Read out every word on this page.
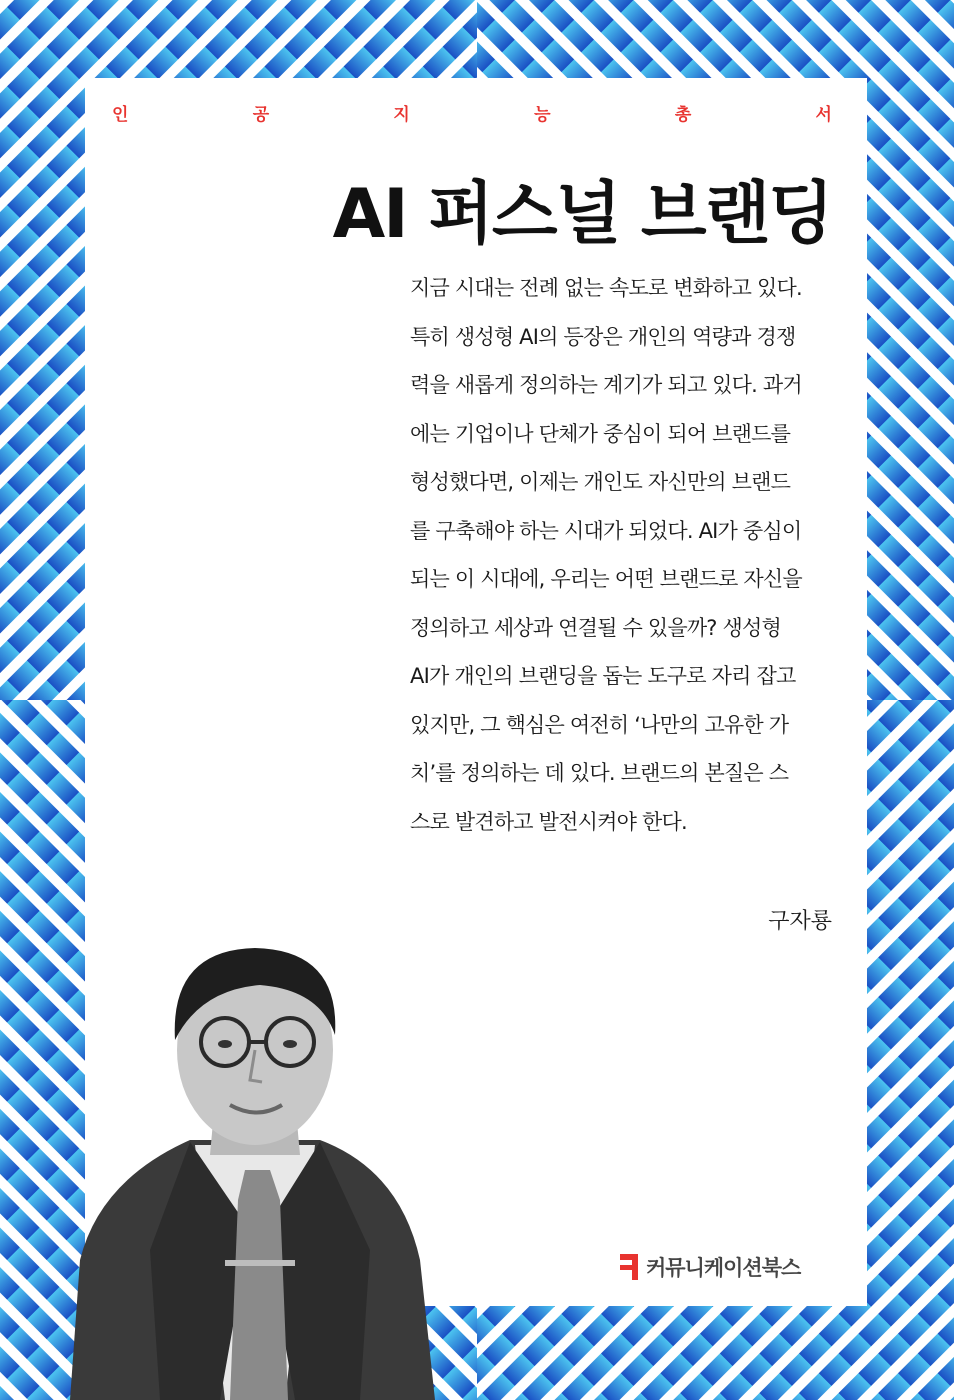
인	공	지	능	총	서
AI 퍼스널 브랜딩
지금 시대는 전례 없는 속도로 변화하고 있다.
특히 생성형 AI의 등장은 개인의 역량과 경쟁
력을 새롭게 정의하는 계기가 되고 있다. 과거
에는 기업이나 단체가 중심이 되어 브랜드를
형성했다면, 이제는 개인도 자신만의 브랜드
를 구축해야 하는 시대가 되었다. AI가 중심이
되는 이 시대에, 우리는 어떤 브랜드로 자신을
정의하고 세상과 연결될 수 있을까? 생성형
AI가 개인의 브랜딩을 돕는 도구로 자리 잡고
있지만, 그 핵심은 여전히 ‘나만의 고유한 가
치’를 정의하는 데 있다. 브랜드의 본질은 스
스로 발견하고 발전시켜야 한다.
구자룡
커뮤니케이션북스
